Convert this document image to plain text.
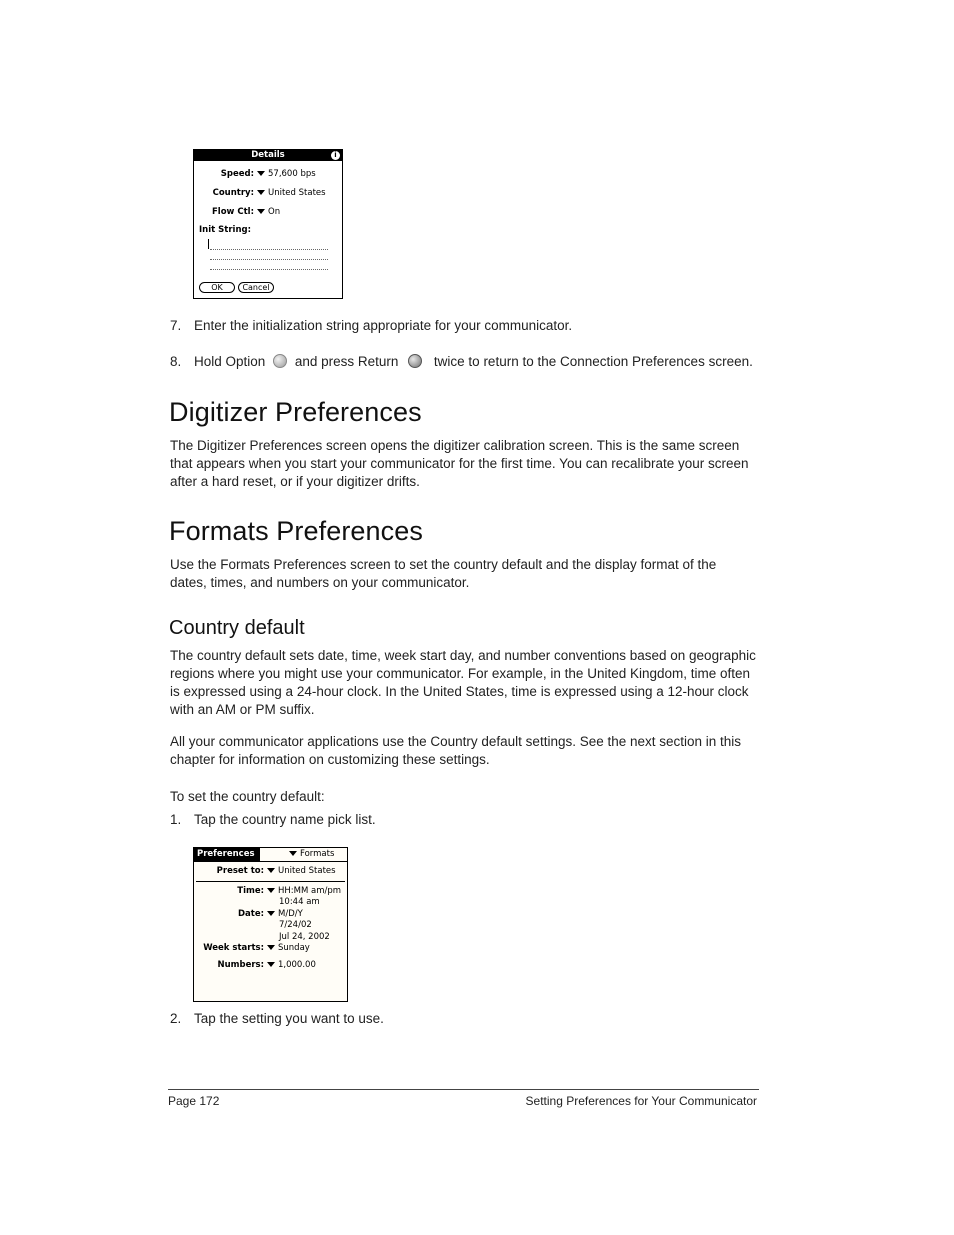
Details	i
Speed:	57,600 bps
Country:	United States
Flow Ctl:	On
Init String:
OK	Cancel
7. Enter the initialization string appropriate for your communicator.
8. Hold Option and press Return	twice to return to the Connection Preferences screen.
Digitizer Preferences
The Digitizer Preferences screen opens the digitizer calibration screen. This is the same screen
that appears when you start your communicator for the first time. You can recalibrate your screen
after a hard reset, or if your digitizer drifts.
Formats Preferences
Use the Formats Preferences screen to set the country default and the display format of the
dates, times, and numbers on your communicator.
Country default
The country default sets date, time, week start day, and number conventions based on geographic
regions where you might use your communicator. For example, in the United Kingdom, time often
is expressed using a 24-hour clock. In the United States, time is expressed using a 12-hour clock
with an AM or PM suffix.
All your communicator applications use the Country default settings. See the next section in this
chapter for information on customizing these settings.
To set the country default:
1. Tap the country name pick list.
Preferences	Formats
Preset to:	United States
Time:	HH:MM am/pm
10:44 am
Date:	M/D/Y
7/24/02
Jul 24, 2002
Week starts:	Sunday
Numbers:	1,000.00
2. Tap the setting you want to use.
Page 172	Setting Preferences for Your Communicator
